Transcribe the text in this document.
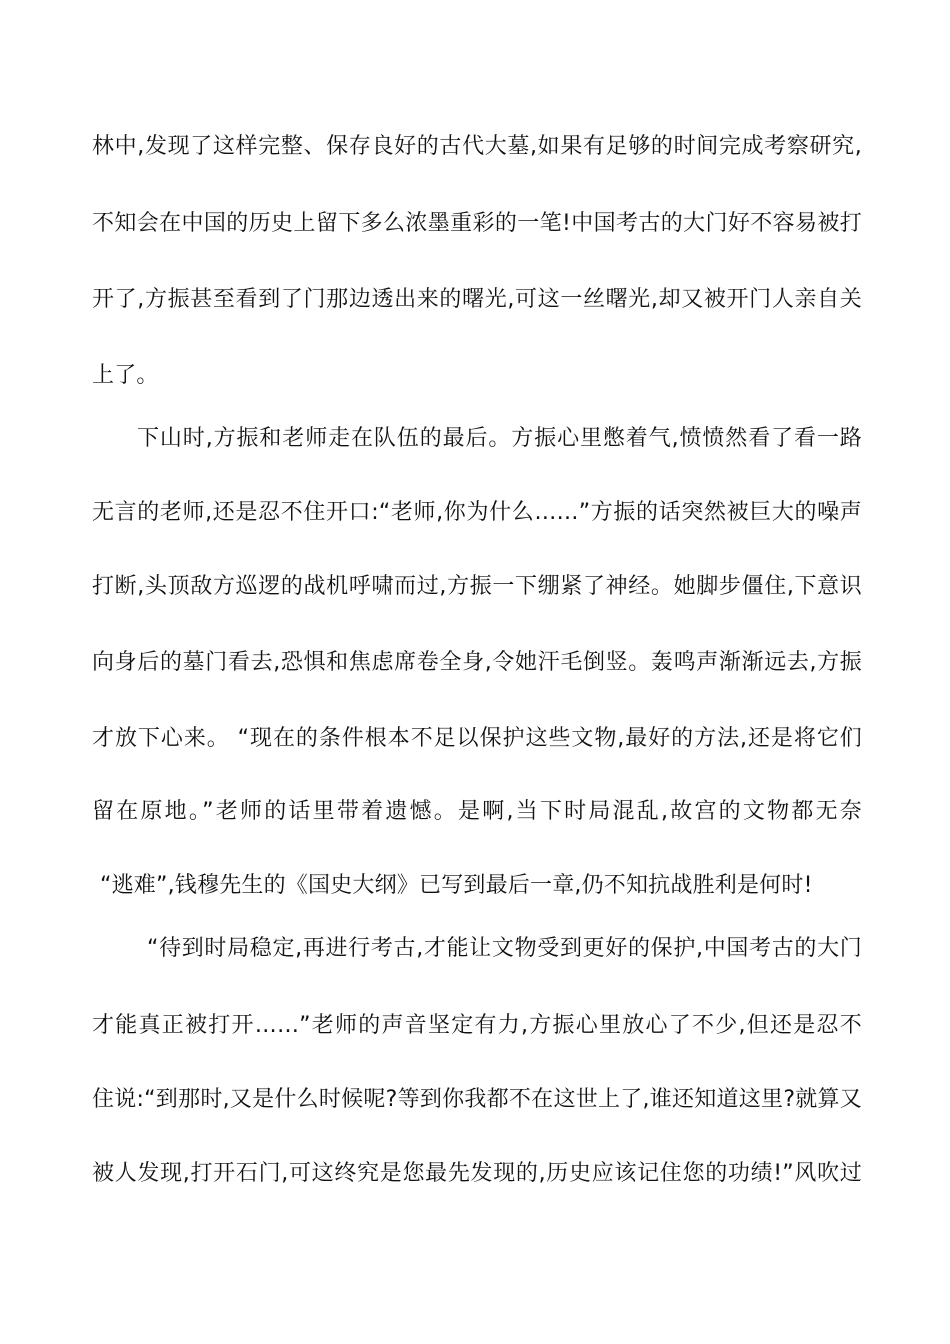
林中,发现了这样完整、保存良好的古代大墓,如果有足够的时间完成考察研究,
不知会在中国的历史上留下多么浓墨重彩的一笔!中国考古的大门好不容易被打
开了,方振甚至看到了门那边透出来的曙光,可这一丝曙光,却又被开门人亲自关
上了。
下山时,方振和老师走在队伍的最后。方振心里憋着气,愤愤然看了看一路
无言的老师,还是忍不住开口:“老师,你为什么……”方振的话突然被巨大的噪声
打断,头顶敌方巡逻的战机呼啸而过,方振一下绷紧了神经。她脚步僵住,下意识
向身后的墓门看去,恐惧和焦虑席卷全身,令她汗毛倒竖。轰鸣声渐渐远去,方振
才放下心来。 “现在的条件根本不足以保护这些文物,最好的方法,还是将它们
留在原地。”老师的话里带着遗憾。是啊,当下时局混乱,故宫的文物都无奈
“逃难”,钱穆先生的《国史大纲》已写到最后一章,仍不知抗战胜利是何时!
“待到时局稳定,再进行考古,才能让文物受到更好的保护,中国考古的大门
才能真正被打开……”老师的声音坚定有力,方振心里放心了不少,但还是忍不
住说:“到那时,又是什么时候呢?等到你我都不在这世上了,谁还知道这里?就算又
被人发现,打开石门,可这终究是您最先发现的,历史应该记住您的功绩!”风吹过
